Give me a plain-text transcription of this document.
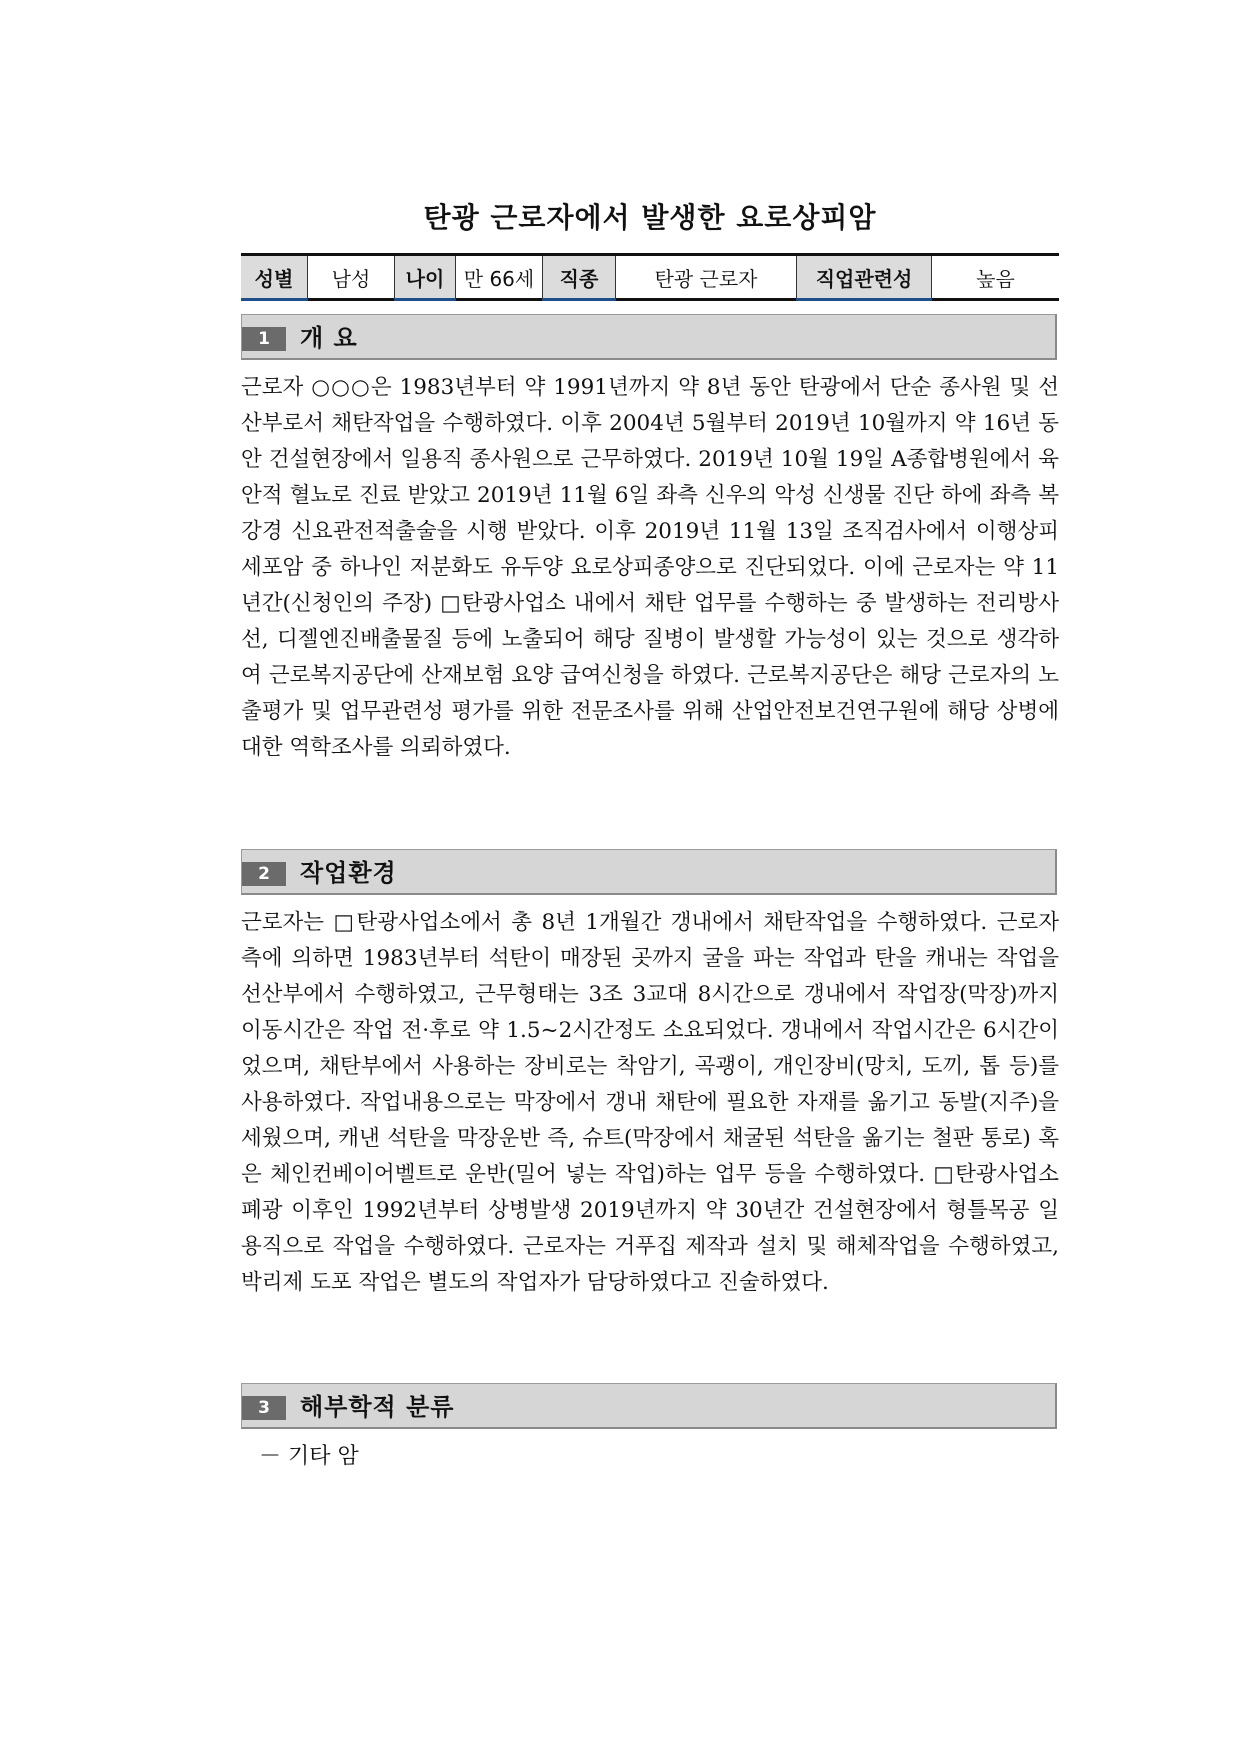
탄광 근로자에서 발생한 요로상피암
성별	남성	나이	만 66세	직종	탄광 근로자	직업관련성	높음
1	개 요

근로자 ○○○은 1983년부터 약 1991년까지 약 8년 동안 탄광에서 단순 종사원 및 선산부로서 채탄작업을 수행하였다. 이후 2004년 5월부터 2019년 10월까지 약 16년 동안 건설현장에서 일용직 종사원으로 근무하였다. 2019년 10월 19일 A종합병원에서 육안적 혈뇨로 진료 받았고 2019년 11월 6일 좌측 신우의 악성 신생물 진단 하에 좌측 복강경 신요관전적출술을 시행 받았다. 이후 2019년 11월 13일 조직검사에서 이행상피세포암 중 하나인 저분화도 유두양 요로상피종양으로 진단되었다. 이에 근로자는 약 11년간(신청인의 주장) □탄광사업소 내에서 채탄 업무를 수행하는 중 발생하는 전리방사선, 디젤엔진배출물질 등에 노출되어 해당 질병이 발생할 가능성이 있는 것으로 생각하여 근로복지공단에 산재보험 요양 급여신청을 하였다. 근로복지공단은 해당 근로자의 노출평가 및 업무관련성 평가를 위한 전문조사를 위해 산업안전보건연구원에 해당 상병에 대한 역학조사를 의뢰하였다.

2	작업환경

근로자는 □탄광사업소에서 총 8년 1개월간 갱내에서 채탄작업을 수행하였다. 근로자 측에 의하면 1983년부터 석탄이 매장된 곳까지 굴을 파는 작업과 탄을 캐내는 작업을 선산부에서 수행하였고, 근무형태는 3조 3교대 8시간으로 갱내에서 작업장(막장)까지 이동시간은 작업 전·후로 약 1.5~2시간정도 소요되었다. 갱내에서 작업시간은 6시간이었으며, 채탄부에서 사용하는 장비로는 착암기, 곡괭이, 개인장비(망치, 도끼, 톱 등)를 사용하였다. 작업내용으로는 막장에서 갱내 채탄에 필요한 자재를 옮기고 동발(지주)을 세웠으며, 캐낸 석탄을 막장운반 즉, 슈트(막장에서 채굴된 석탄을 옮기는 철판 통로) 혹은 체인컨베이어벨트로 운반(밀어 넣는 작업)하는 업무 등을 수행하였다. □탄광사업소 폐광 이후인 1992년부터 상병발생 2019년까지 약 30년간 건설현장에서 형틀목공 일용직으로 작업을 수행하였다. 근로자는 거푸집 제작과 설치 및 해체작업을 수행하였고, 박리제 도포 작업은 별도의 작업자가 담당하였다고 진술하였다.

3	해부학적 분류

－ 기타 암
